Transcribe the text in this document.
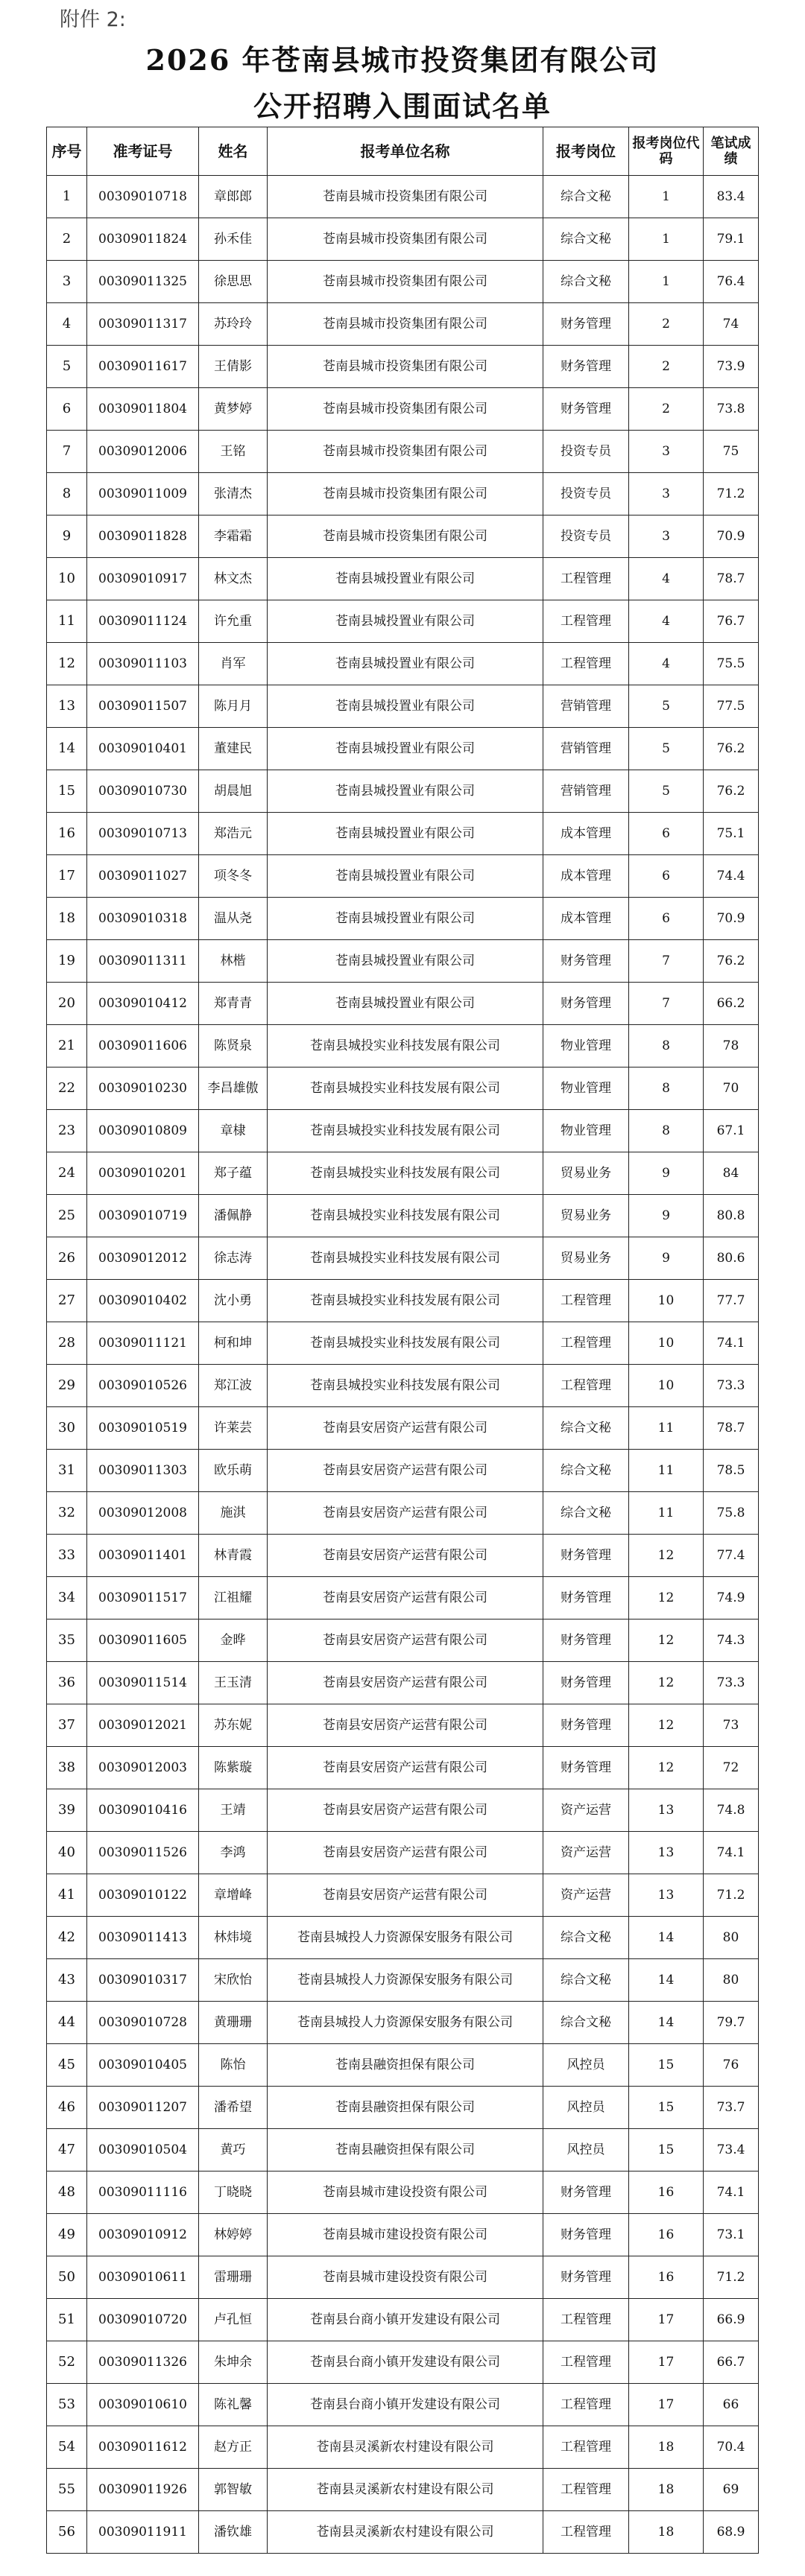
附件 2:
2026 年苍南县城市投资集团有限公司
公开招聘入围面试名单
序号	准考证号	姓名	报考单位名称	报考岗位	报考岗位代码	笔试成绩
1	00309010718	章郎郎	苍南县城市投资集团有限公司	综合文秘	1	83.4
2	00309011824	孙禾佳	苍南县城市投资集团有限公司	综合文秘	1	79.1
3	00309011325	徐思思	苍南县城市投资集团有限公司	综合文秘	1	76.4
4	00309011317	苏玲玲	苍南县城市投资集团有限公司	财务管理	2	74
5	00309011617	王倩影	苍南县城市投资集团有限公司	财务管理	2	73.9
6	00309011804	黄梦婷	苍南县城市投资集团有限公司	财务管理	2	73.8
7	00309012006	王铭	苍南县城市投资集团有限公司	投资专员	3	75
8	00309011009	张清杰	苍南县城市投资集团有限公司	投资专员	3	71.2
9	00309011828	李霜霜	苍南县城市投资集团有限公司	投资专员	3	70.9
10	00309010917	林文杰	苍南县城投置业有限公司	工程管理	4	78.7
11	00309011124	许允重	苍南县城投置业有限公司	工程管理	4	76.7
12	00309011103	肖军	苍南县城投置业有限公司	工程管理	4	75.5
13	00309011507	陈月月	苍南县城投置业有限公司	营销管理	5	77.5
14	00309010401	董建民	苍南县城投置业有限公司	营销管理	5	76.2
15	00309010730	胡晨旭	苍南县城投置业有限公司	营销管理	5	76.2
16	00309010713	郑浩元	苍南县城投置业有限公司	成本管理	6	75.1
17	00309011027	项冬冬	苍南县城投置业有限公司	成本管理	6	74.4
18	00309010318	温从尧	苍南县城投置业有限公司	成本管理	6	70.9
19	00309011311	林楷	苍南县城投置业有限公司	财务管理	7	76.2
20	00309010412	郑青青	苍南县城投置业有限公司	财务管理	7	66.2
21	00309011606	陈贤泉	苍南县城投实业科技发展有限公司	物业管理	8	78
22	00309010230	李昌雄傲	苍南县城投实业科技发展有限公司	物业管理	8	70
23	00309010809	章棣	苍南县城投实业科技发展有限公司	物业管理	8	67.1
24	00309010201	郑子蕴	苍南县城投实业科技发展有限公司	贸易业务	9	84
25	00309010719	潘佩静	苍南县城投实业科技发展有限公司	贸易业务	9	80.8
26	00309012012	徐志涛	苍南县城投实业科技发展有限公司	贸易业务	9	80.6
27	00309010402	沈小勇	苍南县城投实业科技发展有限公司	工程管理	10	77.7
28	00309011121	柯和坤	苍南县城投实业科技发展有限公司	工程管理	10	74.1
29	00309010526	郑江波	苍南县城投实业科技发展有限公司	工程管理	10	73.3
30	00309010519	许莱芸	苍南县安居资产运营有限公司	综合文秘	11	78.7
31	00309011303	欧乐萌	苍南县安居资产运营有限公司	综合文秘	11	78.5
32	00309012008	施淇	苍南县安居资产运营有限公司	综合文秘	11	75.8
33	00309011401	林青霞	苍南县安居资产运营有限公司	财务管理	12	77.4
34	00309011517	江祖耀	苍南县安居资产运营有限公司	财务管理	12	74.9
35	00309011605	金晔	苍南县安居资产运营有限公司	财务管理	12	74.3
36	00309011514	王玉清	苍南县安居资产运营有限公司	财务管理	12	73.3
37	00309012021	苏东妮	苍南县安居资产运营有限公司	财务管理	12	73
38	00309012003	陈紫璇	苍南县安居资产运营有限公司	财务管理	12	72
39	00309010416	王靖	苍南县安居资产运营有限公司	资产运营	13	74.8
40	00309011526	李鸿	苍南县安居资产运营有限公司	资产运营	13	74.1
41	00309010122	章增峰	苍南县安居资产运营有限公司	资产运营	13	71.2
42	00309011413	林炜境	苍南县城投人力资源保安服务有限公司	综合文秘	14	80
43	00309010317	宋欣怡	苍南县城投人力资源保安服务有限公司	综合文秘	14	80
44	00309010728	黄珊珊	苍南县城投人力资源保安服务有限公司	综合文秘	14	79.7
45	00309010405	陈怡	苍南县融资担保有限公司	风控员	15	76
46	00309011207	潘希望	苍南县融资担保有限公司	风控员	15	73.7
47	00309010504	黄巧	苍南县融资担保有限公司	风控员	15	73.4
48	00309011116	丁晓晓	苍南县城市建设投资有限公司	财务管理	16	74.1
49	00309010912	林婷婷	苍南县城市建设投资有限公司	财务管理	16	73.1
50	00309010611	雷珊珊	苍南县城市建设投资有限公司	财务管理	16	71.2
51	00309010720	卢孔恒	苍南县台商小镇开发建设有限公司	工程管理	17	66.9
52	00309011326	朱坤余	苍南县台商小镇开发建设有限公司	工程管理	17	66.7
53	00309010610	陈礼馨	苍南县台商小镇开发建设有限公司	工程管理	17	66
54	00309011612	赵方正	苍南县灵溪新农村建设有限公司	工程管理	18	70.4
55	00309011926	郭智敏	苍南县灵溪新农村建设有限公司	工程管理	18	69
56	00309011911	潘钦雄	苍南县灵溪新农村建设有限公司	工程管理	18	68.9
